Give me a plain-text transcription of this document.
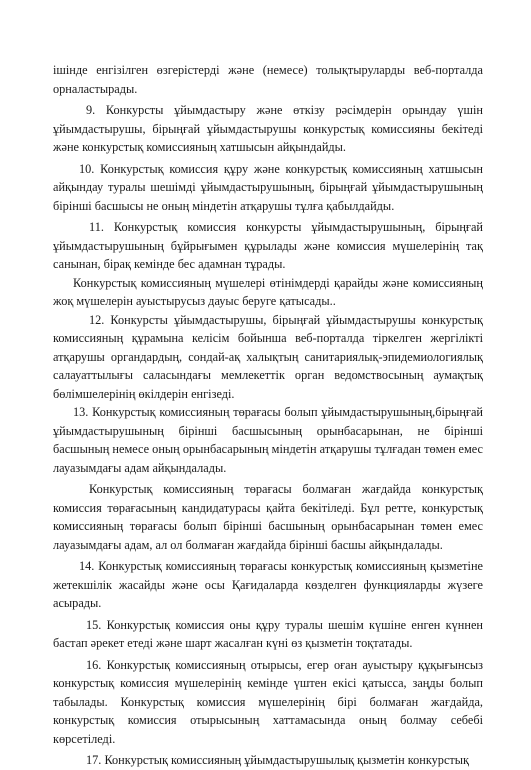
ішінде енгізілген өзгерістерді және (немесе) толықтыруларды веб-порталда орналастырады.

9. Конкурсты ұйымдастыру және өткізу рәсімдерін орындау үшін ұйымдастырушы, бірыңғай ұйымдастырушы конкурстық комиссияны бекітеді және конкурстық комиссияның хатшысын айқындайды.

10. Конкурстық комиссия құру және конкурстық комиссияның хатшысын айқындау туралы шешімді ұйымдастырушының, бірыңғай ұйымдастырушының бірінші басшысы не оның міндетін атқарушы тұлға қабылдайды.

11. Конкурстық комиссия конкурсты ұйымдастырушының, бірыңғай ұйымдастырушының бұйрығымен құрылады және комиссия мүшелерінің тақ санынан, бірақ кемінде бес адамнан тұрады.

Конкурстық комиссияның мүшелері өтінімдерді қарайды және комиссияның жоқ мүшелерін ауыстырусыз дауыс беруге қатысады..

12. Конкурсты ұйымдастырушы, бірыңғай ұйымдастырушы конкурстық комиссияның құрамына келісім бойынша веб-порталда тіркелген жергілікті атқарушы органдардың, сондай-ақ халықтың санитариялық-эпидемиологиялық салауаттылығы саласындағы мемлекеттік орган ведомствосының аумақтық бөлімшелерінің өкілдерін енгізеді.

13. Конкурстық комиссияның төрағасы болып ұйымдастырушының,бірыңғай ұйымдастырушының бірінші басшысының орынбасарынан, не бірінші басшының немесе оның орынбасарының міндетін атқарушы тұлғадан төмен емес лауазымдағы адам айқындалады.

Конкурстық комиссияның төрағасы болмаған жағдайда конкурстық комиссия төрағасының кандидатурасы қайта бекітіледі. Бұл ретте, конкурстық комиссияның төрағасы болып бірінші басшының орынбасарынан төмен емес лауазымдағы адам, ал ол болмаған жағдайда бірінші басшы айқындалады.

14. Конкурстық комиссияның төрағасы конкурстық комиссияның қызметіне жетекшілік жасайды және осы Қағидаларда көзделген функцияларды жүзеге асырады.

15. Конкурстық комиссия оны құру туралы шешім күшіне енген күннен бастап әрекет етеді және шарт жасалған күні өз қызметін тоқтатады.

16. Конкурстық комиссияның отырысы, егер оған ауыстыру құқығынсыз конкурстық комиссия мүшелерінің кемінде үштен екісі қатысса, заңды болып табылады. Конкурстық комиссия мүшелерінің бірі болмаған жағдайда, конкурстық комиссия отырысының хаттамасында оның болмау себебі көрсетіледі.

17. Конкурстық комиссияның ұйымдастырушылық қызметін конкурстық
